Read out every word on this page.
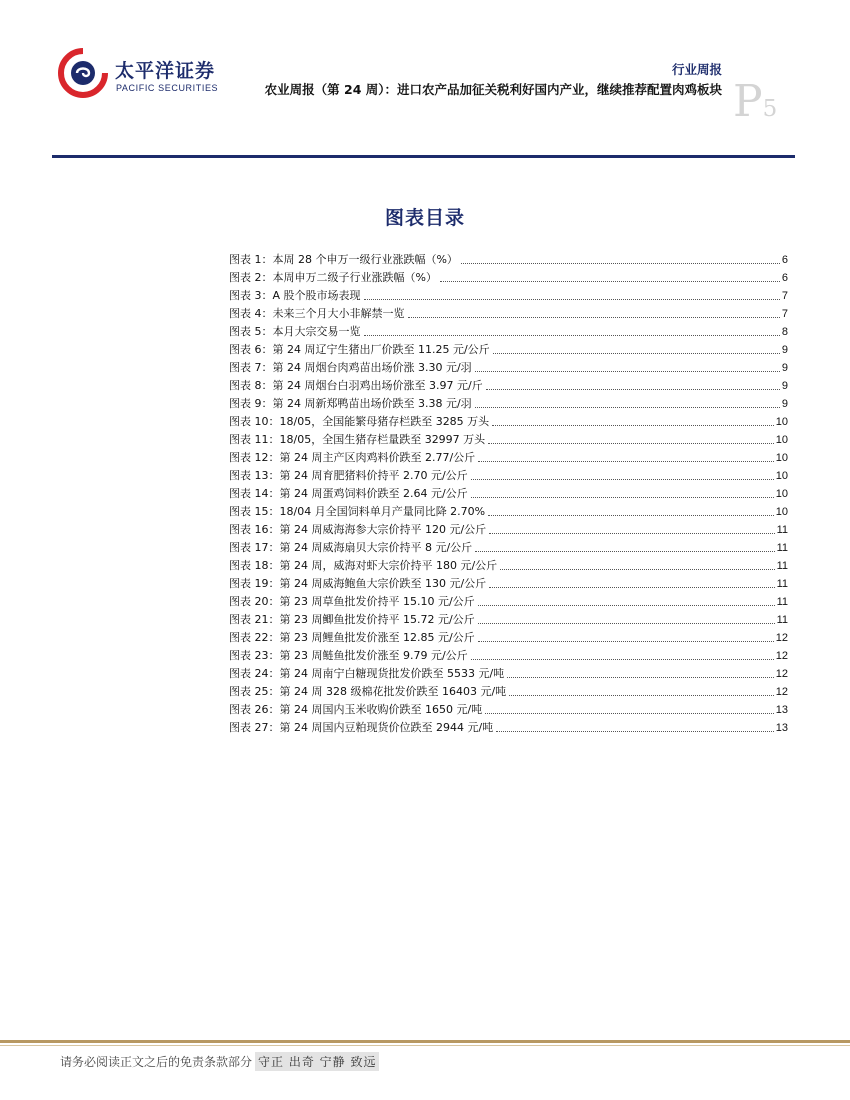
太平洋证券
PACIFIC SECURITIES
行业周报
农业周报（第 24 周）：进口农产品加征关税利好国内产业，继续推荐配置肉鸡板块 P5
图表目录
图表 1：本周 28 个申万一级行业涨跌幅（%）	6
图表 2：本周申万二级子行业涨跌幅（%）	6
图表 3：A 股个股市场表现	7
图表 4：未来三个月大小非解禁一览	7
图表 5：本月大宗交易一览	8
图表 6：第 24 周辽宁生猪出厂价跌至 11.25 元/公斤	9
图表 7：第 24 周烟台肉鸡苗出场价涨 3.30 元/羽	9
图表 8：第 24 周烟台白羽鸡出场价涨至 3.97 元/斤	9
图表 9：第 24 周新郑鸭苗出场价跌至 3.38 元/羽	9
图表 10：18/05，全国能繁母猪存栏跌至 3285 万头	10
图表 11：18/05，全国生猪存栏量跌至 32997 万头	10
图表 12：第 24 周主产区肉鸡料价跌至 2.77/公斤	10
图表 13：第 24 周育肥猪料价持平 2.70 元/公斤	10
图表 14：第 24 周蛋鸡饲料价跌至 2.64 元/公斤	10
图表 15：18/04 月全国饲料单月产量同比降 2.70%	10
图表 16：第 24 周威海海参大宗价持平 120 元/公斤	11
图表 17：第 24 周威海扇贝大宗价持平 8 元/公斤	11
图表 18：第 24 周，威海对虾大宗价持平 180 元/公斤	11
图表 19：第 24 周威海鲍鱼大宗价跌至 130 元/公斤	11
图表 20：第 23 周草鱼批发价持平 15.10 元/公斤	11
图表 21：第 23 周鲫鱼批发价持平 15.72 元/公斤	11
图表 22：第 23 周鲤鱼批发价涨至 12.85 元/公斤	12
图表 23：第 23 周鲢鱼批发价涨至 9.79 元/公斤	12
图表 24：第 24 周南宁白糖现货批发价跌至 5533 元/吨	12
图表 25：第 24 周 328 级棉花批发价跌至 16403 元/吨	12
图表 26：第 24 周国内玉米收购价跌至 1650 元/吨	13
图表 27：第 24 周国内豆粕现货价位跌至 2944 元/吨	13
请务必阅读正文之后的免责条款部分 守正 出奇 宁静 致远
